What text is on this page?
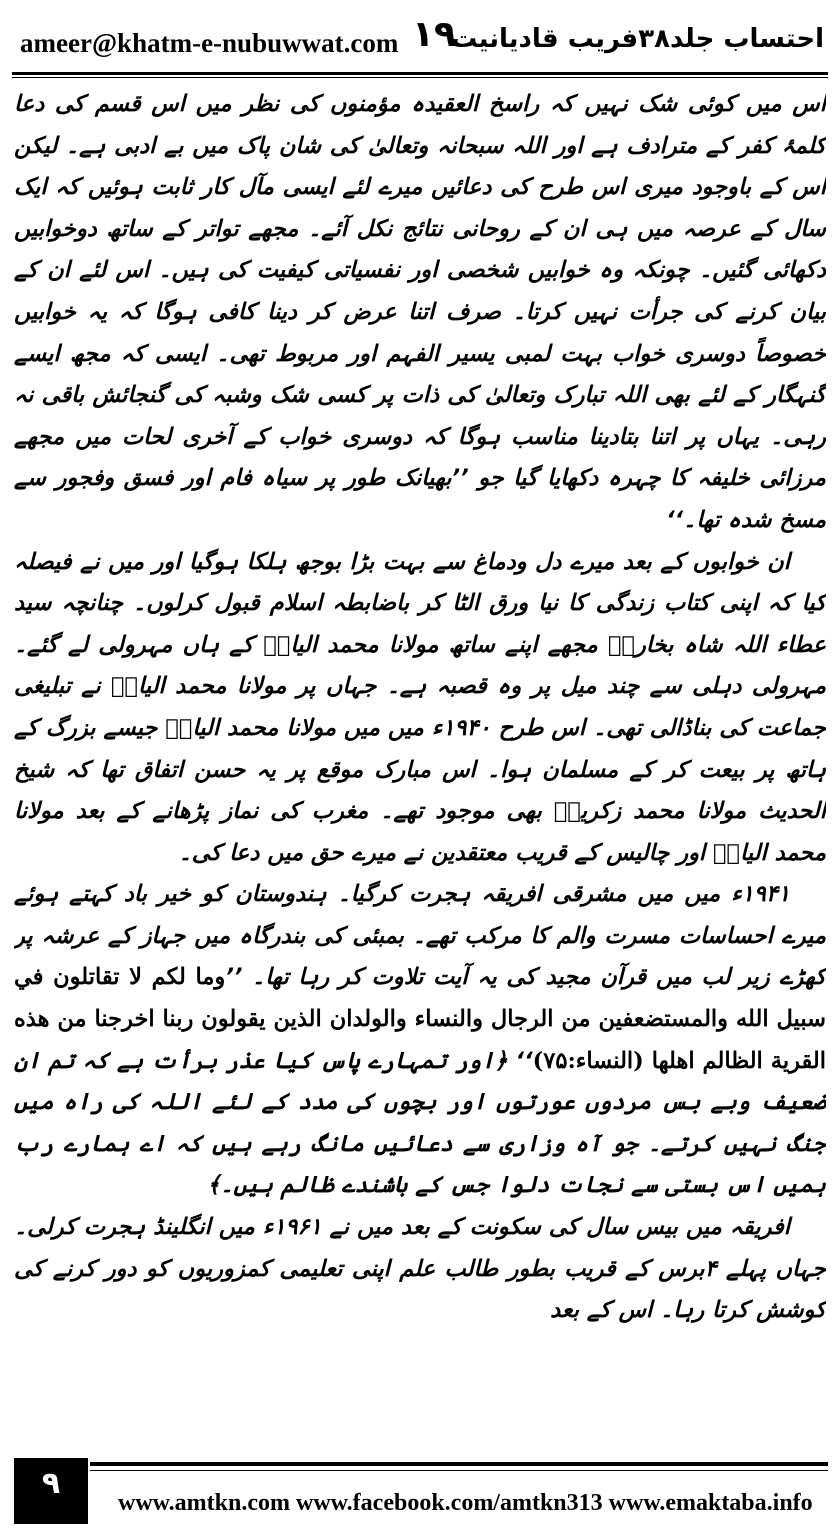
ameer@khatm-e-nubuwwat.com ۱۹
احتساب جلد۳۸فریب قادیانیت

اس میں کوئی شک نہیں کہ راسخ العقیدہ مؤمنوں کی نظر میں اس قسم کی دعا کلمۂ کفر کے مترادف ہے اور اللہ سبحانہ وتعالیٰ کی شان پاک میں بے ادبی ہے۔ لیکن اس کے باوجود میری اس طرح کی دعائیں میرے لئے ایسی مآل کار ثابت ہوئیں کہ ایک سال کے عرصہ میں ہی ان کے روحانی نتائج نکل آئے۔ مجھے تواتر کے ساتھ دوخوابیں دکھائی گئیں۔ چونکہ وہ خوابیں شخصی اور نفسیاتی کیفیت کی ہیں۔ اس لئے ان کے بیان کرنے کی جرأت نہیں کرتا۔ صرف اتنا عرض کر دینا کافی ہوگا کہ یہ خوابیں خصوصاً دوسری خواب بہت لمبی یسیر الفہم اور مربوط تھی۔ ایسی کہ مجھ ایسے گنہگار کے لئے بھی اللہ تبارک وتعالیٰ کی ذات پر کسی شک وشبہ کی گنجائش باقی نہ رہی۔ یہاں پر اتنا بتادینا مناسب ہوگا کہ دوسری خواب کے آخری لحات میں مجھے مرزائی خلیفہ کا چہرہ دکھایا گیا جو ’’بھیانک طور پر سیاہ فام اور فسق وفجور سے مسخ شدہ تھا۔‘‘

ان خوابوں کے بعد میرے دل ودماغ سے بہت بڑا بوجھ ہلکا ہوگیا اور میں نے فیصلہ کیا کہ اپنی کتاب زندگی کا نیا ورق الٹا کر باضابطہ اسلام قبول کرلوں۔ چنانچہ سید عطاء اللہ شاہ بخاریؒ مجھے اپنے ساتھ مولانا محمد الیاسؒ کے ہاں مہرولی لے گئے۔ مہرولی دہلی سے چند میل پر وہ قصبہ ہے۔ جہاں پر مولانا محمد الیاسؒ نے تبلیغی جماعت کی بناڈالی تھی۔ اس طرح ۱۹۴۰ء میں میں مولانا محمد الیاسؒ جیسے بزرگ کے ہاتھ پر بیعت کر کے مسلمان ہوا۔ اس مبارک موقع پر یہ حسن اتفاق تھا کہ شیخ الحدیث مولانا محمد زکریاؒ بھی موجود تھے۔ مغرب کی نماز پڑھانے کے بعد مولانا محمد الیاسؒ اور چالیس کے قریب معتقدین نے میرے حق میں دعا کی۔

۱۹۴۱ء میں میں مشرقی افریقہ ہجرت کرگیا۔ ہندوستان کو خیر باد کہتے ہوئے میرے احساسات مسرت والم کا مرکب تھے۔ بمبئی کی بندرگاہ میں جہاز کے عرشہ پر کھڑے زیر لب میں قرآن مجید کی یہ آیت تلاوت کر رہا تھا۔ ’’وما لكم لا تقاتلون في سبيل الله والمستضعفين من الرجال والنساء والولدان الذين يقولون ربنا اخرجنا من هذه القرية الظالم اهلها (النساء:۷۵)‘‘ ﴿اور تمہارے پاس کیا عذر برأت ہے کہ تم ان ضعیف وبے بس مردوں عورتوں اور بچوں کی مدد کے لئے اللہ کی راہ میں جنگ نہیں کرتے۔ جو آہ وزاری سے دعائیں مانگ رہے ہیں کہ اے ہمارے رب ہمیں اس بستی سے نجات دلوا جس کے باشندے ظالم ہیں۔﴾

افریقہ میں بیس سال کی سکونت کے بعد میں نے ۱۹۶۱ء میں انگلینڈ ہجرت کرلی۔ جہاں پہلے ۴برس کے قریب بطور طالب علم اپنی تعلیمی کمزوریوں کو دور کرنے کی کوشش کرتا رہا۔ اس کے بعد

۹
www.amtkn.com www.facebook.com/amtkn313 www.emaktaba.info
